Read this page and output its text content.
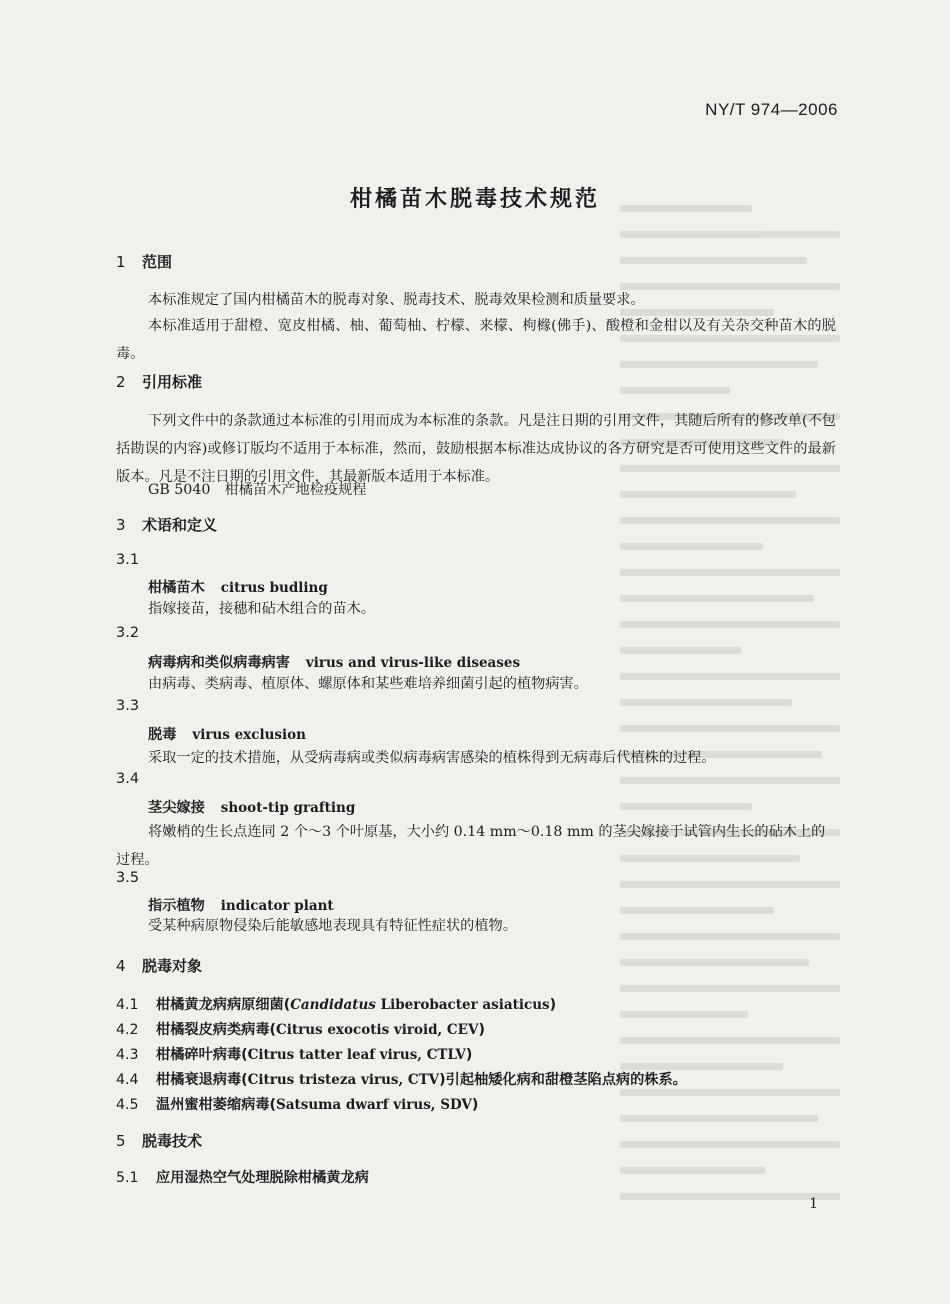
NY/T 974—2006
柑橘苗木脱毒技术规范
1 范围
本标准规定了国内柑橘苗木的脱毒对象、脱毒技术、脱毒效果检测和质量要求。
本标准适用于甜橙、宽皮柑橘、柚、葡萄柚、柠檬、来檬、枸橼(佛手)、酸橙和金柑以及有关杂交种苗木的脱毒。
2 引用标准
下列文件中的条款通过本标准的引用而成为本标准的条款。凡是注日期的引用文件，其随后所有的修改单(不包括勘误的内容)或修订版均不适用于本标准，然而，鼓励根据本标准达成协议的各方研究是否可使用这些文件的最新版本。凡是不注日期的引用文件，其最新版本适用于本标准。
GB 5040　柑橘苗木产地检疫规程
3 术语和定义
3.1
柑橘苗木 citrus budling
指嫁接苗，接穗和砧木组合的苗木。
3.2
病毒病和类似病毒病害 virus and virus-like diseases
由病毒、类病毒、植原体、螺原体和某些难培养细菌引起的植物病害。
3.3
脱毒 virus exclusion
采取一定的技术措施，从受病毒病或类似病毒病害感染的植株得到无病毒后代植株的过程。
3.4
茎尖嫁接 shoot-tip grafting
将嫩梢的生长点连同 2 个～3 个叶原基，大小约 0.14 mm～0.18 mm 的茎尖嫁接于试管内生长的砧木上的过程。
3.5
指示植物 indicator plant
受某种病原物侵染后能敏感地表现具有特征性症状的植物。
4 脱毒对象
4.1 柑橘黄龙病病原细菌(Candidatus Liberobacter asiaticus)
4.2 柑橘裂皮病类病毒(Citrus exocotis viroid, CEV)
4.3 柑橘碎叶病毒(Citrus tatter leaf virus, CTLV)
4.4 柑橘衰退病毒(Citrus tristeza virus, CTV)引起柚矮化病和甜橙茎陷点病的株系。
4.5 温州蜜柑萎缩病毒(Satsuma dwarf virus, SDV)
5 脱毒技术
5.1 应用湿热空气处理脱除柑橘黄龙病
1
